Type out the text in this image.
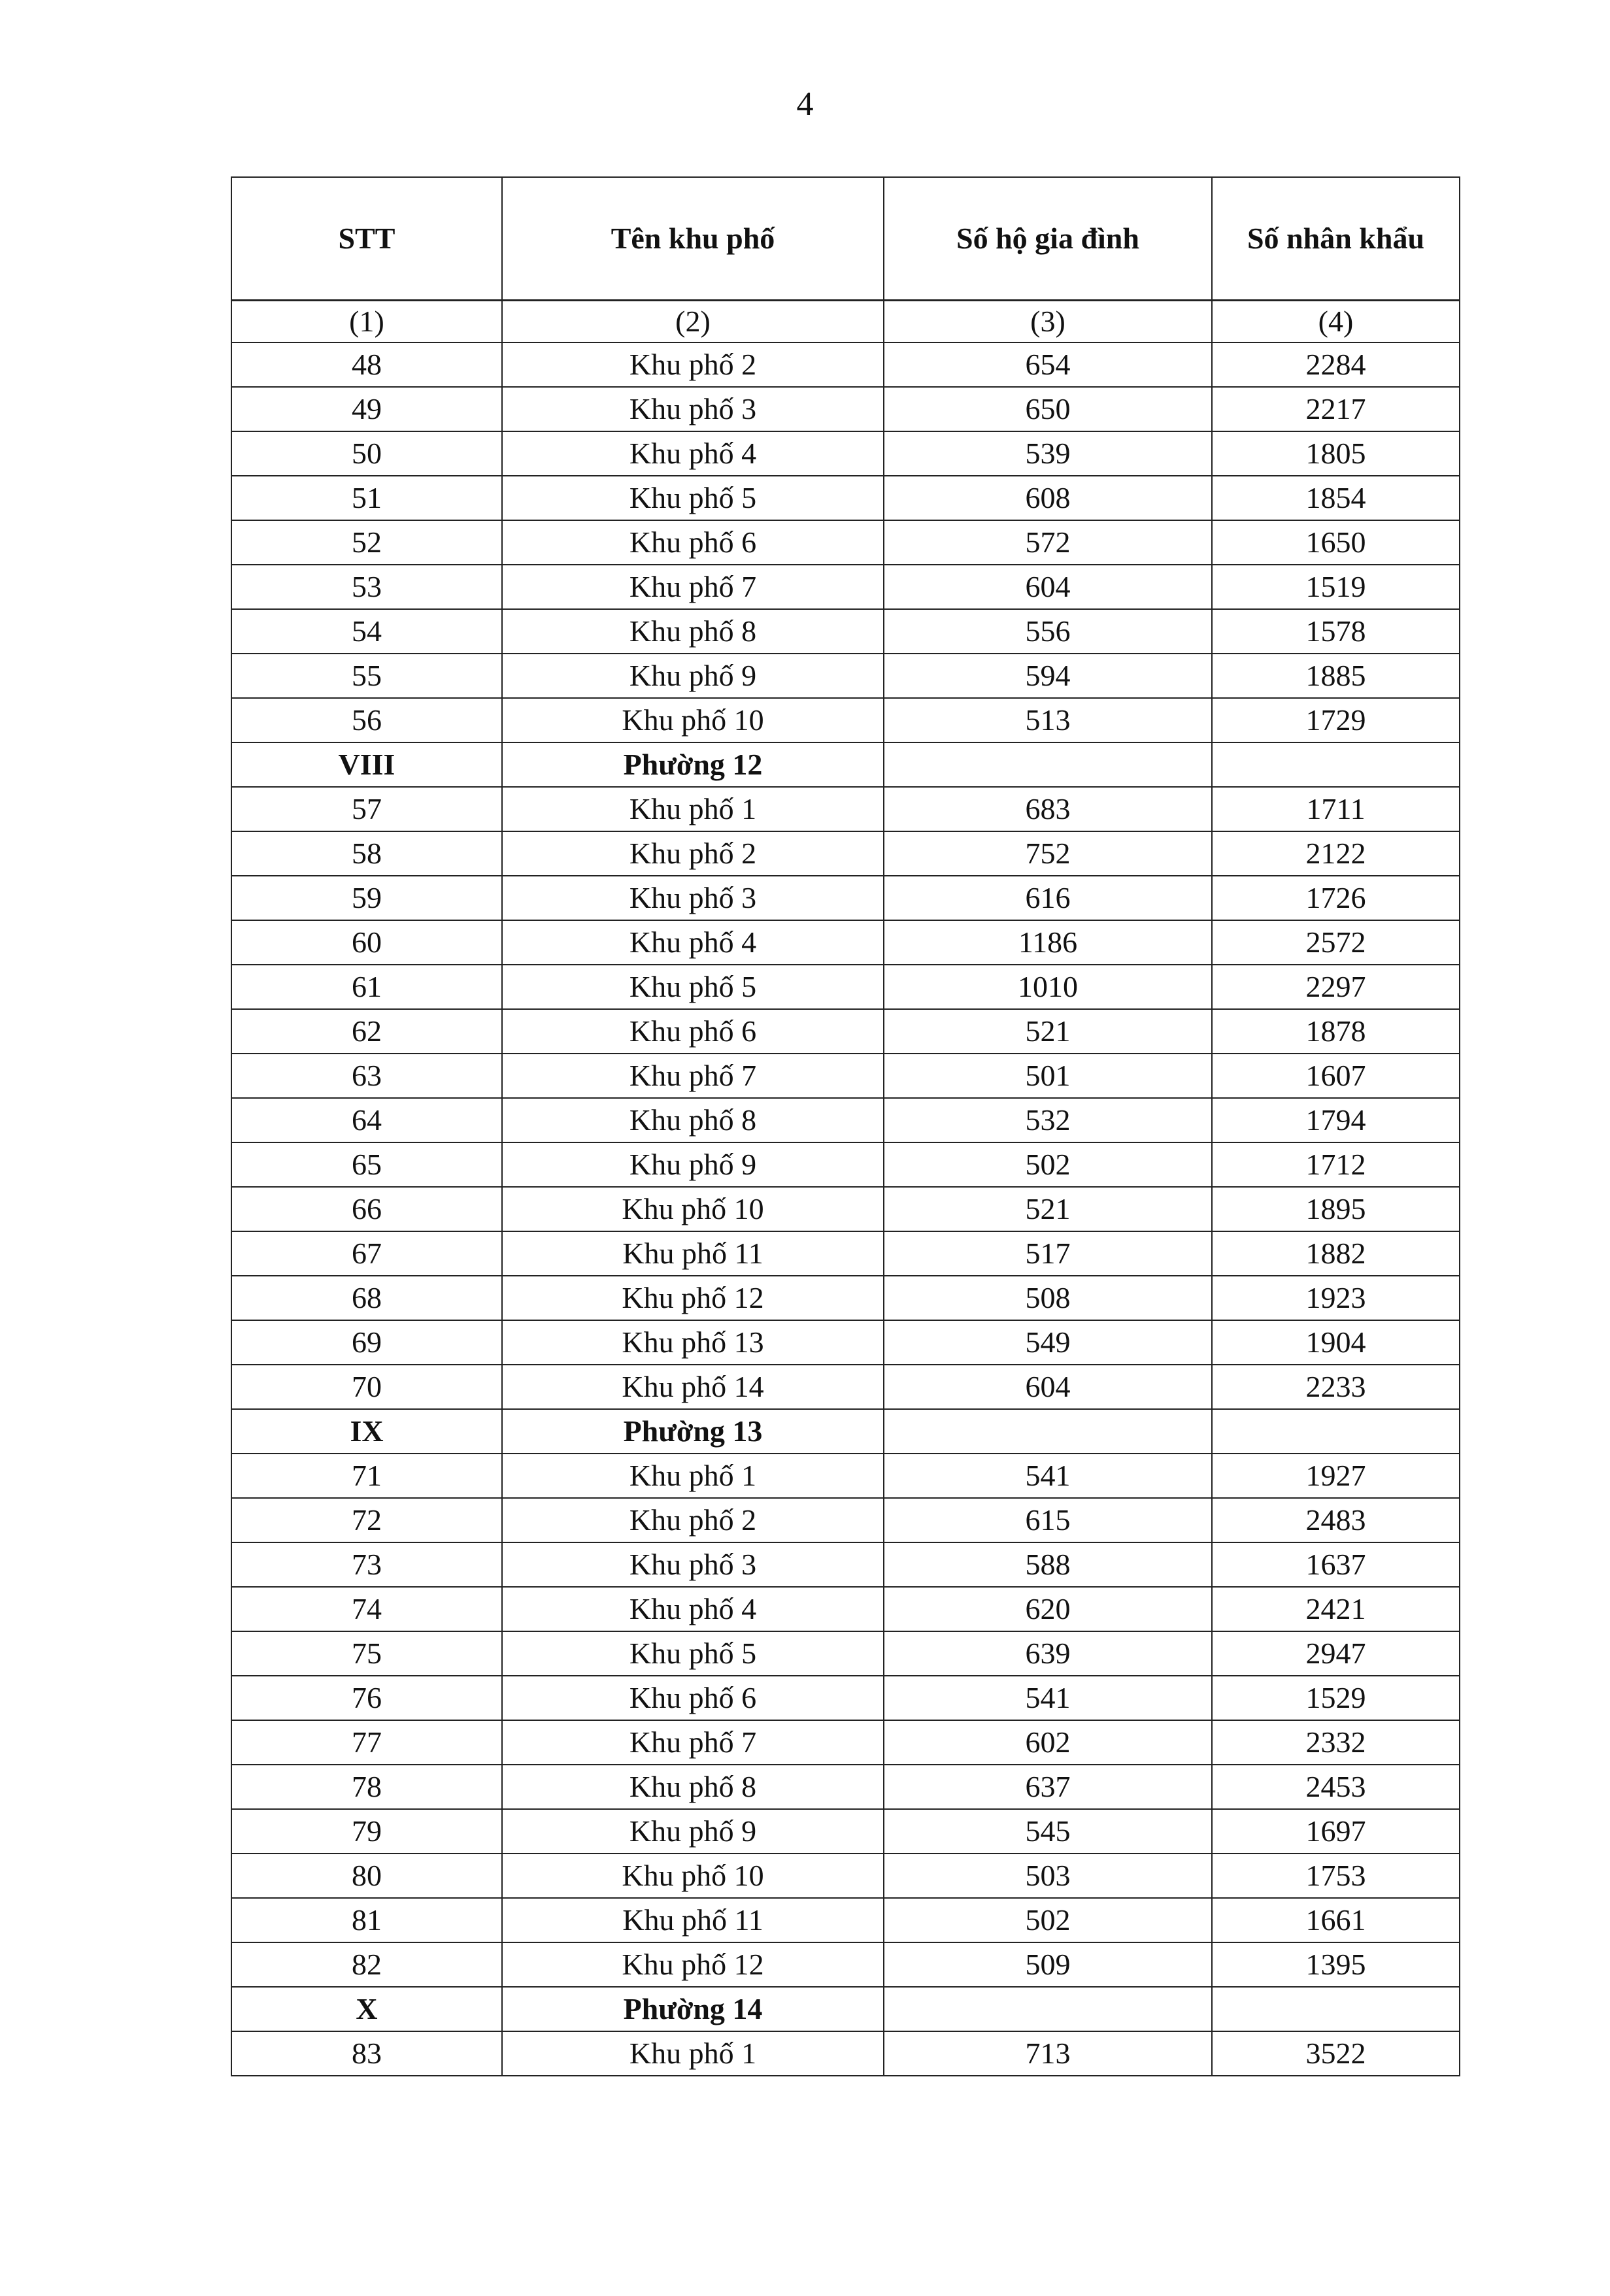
4
STT	Tên khu phố	Số hộ gia đình	Số nhân khẩu
(1)	(2)	(3)	(4)
48	Khu phố 2	654	2284
49	Khu phố 3	650	2217
50	Khu phố 4	539	1805
51	Khu phố 5	608	1854
52	Khu phố 6	572	1650
53	Khu phố 7	604	1519
54	Khu phố 8	556	1578
55	Khu phố 9	594	1885
56	Khu phố 10	513	1729
VIII	Phường 12		
57	Khu phố 1	683	1711
58	Khu phố 2	752	2122
59	Khu phố 3	616	1726
60	Khu phố 4	1186	2572
61	Khu phố 5	1010	2297
62	Khu phố 6	521	1878
63	Khu phố 7	501	1607
64	Khu phố 8	532	1794
65	Khu phố 9	502	1712
66	Khu phố 10	521	1895
67	Khu phố 11	517	1882
68	Khu phố 12	508	1923
69	Khu phố 13	549	1904
70	Khu phố 14	604	2233
IX	Phường 13		
71	Khu phố 1	541	1927
72	Khu phố 2	615	2483
73	Khu phố 3	588	1637
74	Khu phố 4	620	2421
75	Khu phố 5	639	2947
76	Khu phố 6	541	1529
77	Khu phố 7	602	2332
78	Khu phố 8	637	2453
79	Khu phố 9	545	1697
80	Khu phố 10	503	1753
81	Khu phố 11	502	1661
82	Khu phố 12	509	1395
X	Phường 14		
83	Khu phố 1	713	3522
